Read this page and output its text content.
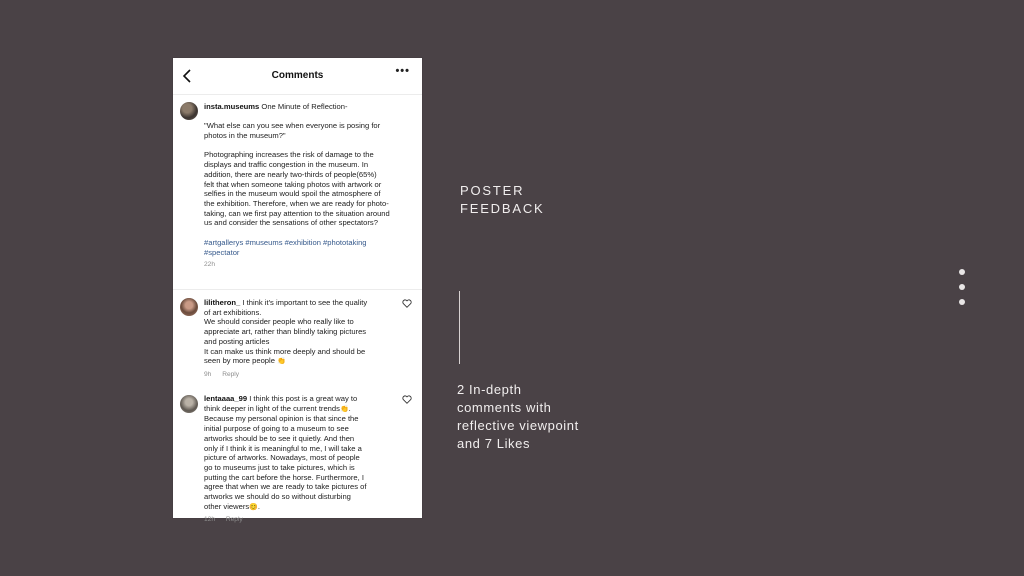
Comments	•••
insta.museums One Minute of Reflection-
"What else can you see when everyone is posing for
photos in the museum?"
Photographing increases the risk of damage to the
displays and traffic congestion in the museum. In
addition, there are nearly two-thirds of people(65%)
felt that when someone taking photos with artwork or
selfies in the museum would spoil the atmosphere of
the exhibition. Therefore, when we are ready for photo-
taking, can we first pay attention to the situation around
us and consider the sensations of other spectators?
#artgallerys #museums #exhibition #phototaking
#spectator
22h
lilitheron_ I think it's important to see the quality
of art exhibitions.
We should consider people who really like to
appreciate art, rather than blindly taking pictures
and posting articles
It can make us think more deeply and should be
seen by more people 👏
9h Reply
lentaaaa_99 I think this post is a great way to
think deeper in light of the current trends👏.
Because my personal opinion is that since the
initial purpose of going to a museum to see
artworks should be to see it quietly. And then
only if I think it is meaningful to me, I will take a
picture of artworks. Nowadays, most of people
go to museums just to take pictures, which is
putting the cart before the horse. Furthermore, I
agree that when we are ready to take pictures of
artworks we should do so without disturbing
other viewers😊.
12h Reply
POSTER
FEEDBACK
2 In-depth
comments with
reflective viewpoint
and 7 Likes
